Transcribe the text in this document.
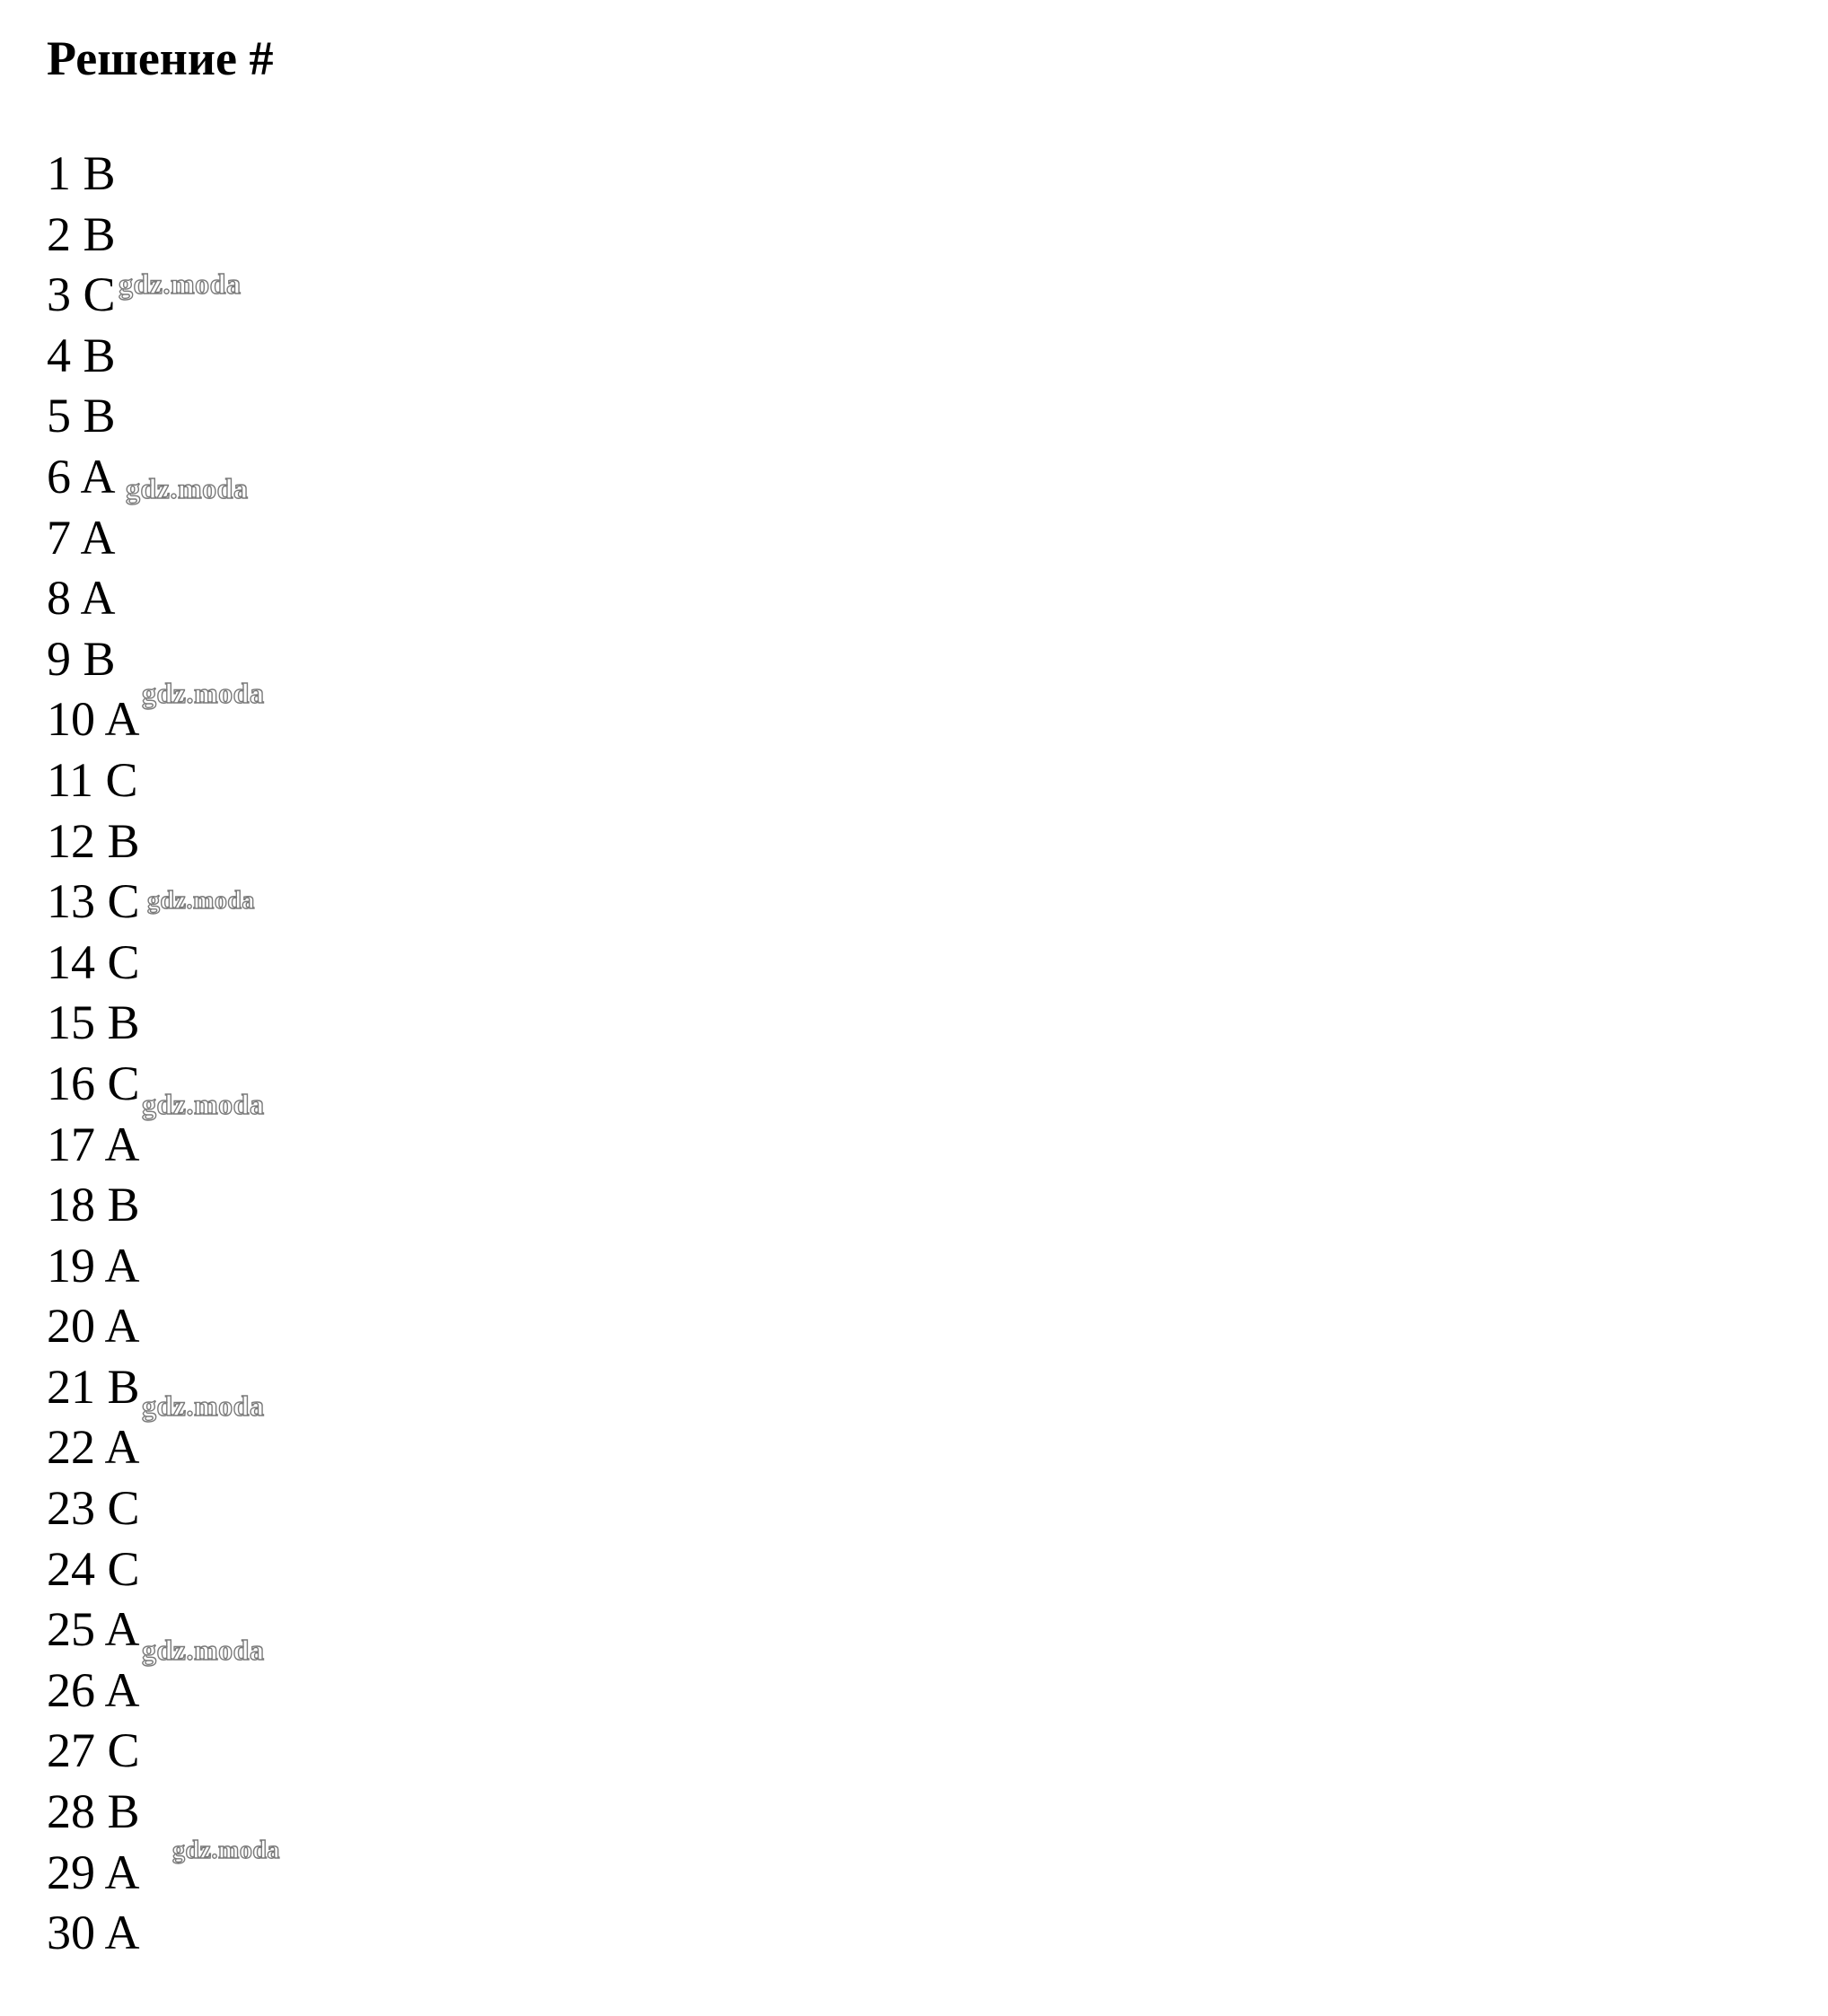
Решение #
1 B
2 B
3 C
4 B
5 B
6 A
7 A
8 A
9 B
10 A
11 C
12 B
13 C
14 C
15 B
16 C
17 A
18 B
19 A
20 A
21 B
22 A
23 C
24 C
25 A
26 A
27 C
28 B
29 A
30 A
gdz.moda
gdz.moda
gdz.moda
gdz.moda
gdz.moda
gdz.moda
gdz.moda
gdz.moda
